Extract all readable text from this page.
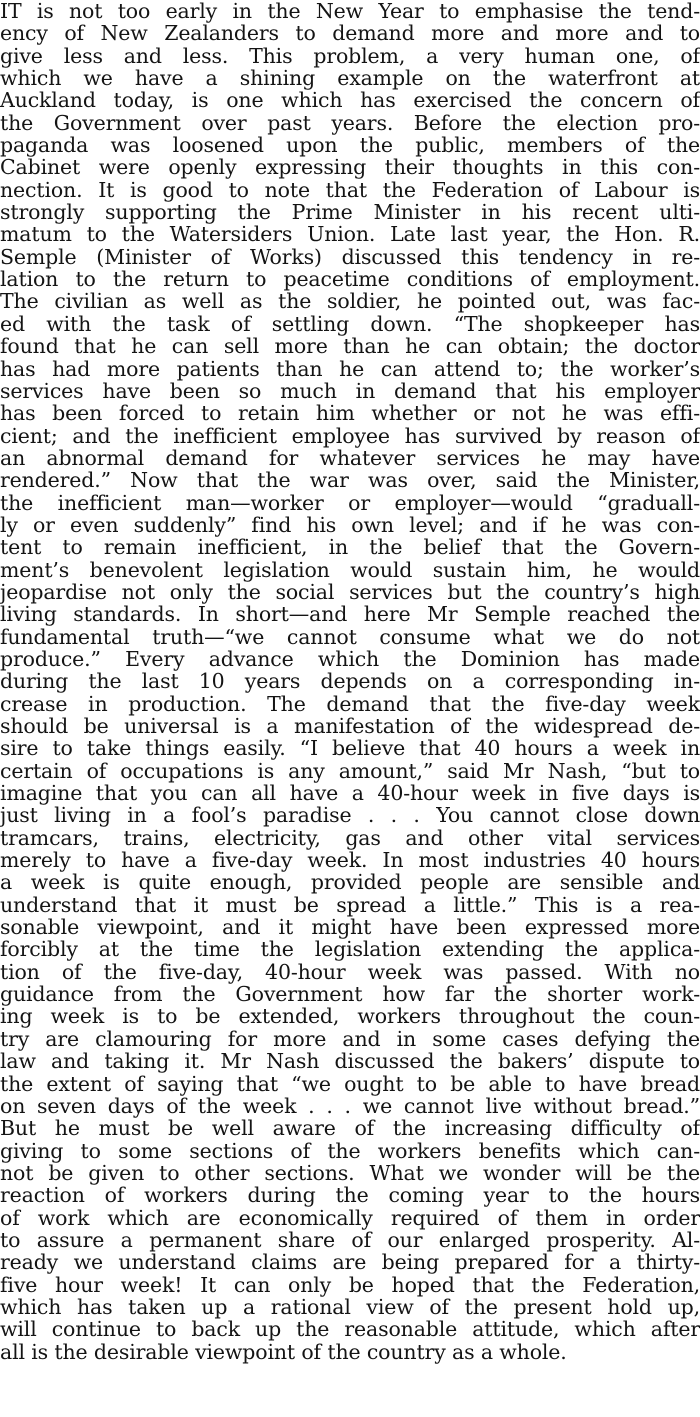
IT is not too early in the New Year to emphasise the tend-
ency of New Zealanders to demand more and more and to
give less and less. This problem, a very human one, of
which we have a shining example on the waterfront at
Auckland today, is one which has exercised the concern of
the Government over past years. Before the election pro-
paganda was loosened upon the public, members of the
Cabinet were openly expressing their thoughts in this con-
nection. It is good to note that the Federation of Labour is
strongly supporting the Prime Minister in his recent ulti-
matum to the Watersiders Union. Late last year, the Hon. R.
Semple (Minister of Works) discussed this tendency in re-
lation to the return to peacetime conditions of employment.
The civilian as well as the soldier, he pointed out, was fac-
ed with the task of settling down. “The shopkeeper has
found that he can sell more than he can obtain; the doctor
has had more patients than he can attend to; the worker’s
services have been so much in demand that his employer
has been forced to retain him whether or not he was effi-
cient; and the inefficient employee has survived by reason of
an abnormal demand for whatever services he may have
rendered.” Now that the war was over, said the Minister,
the inefficient man—worker or employer—would “graduall-
ly or even suddenly” find his own level; and if he was con-
tent to remain inefficient, in the belief that the Govern-
ment’s benevolent legislation would sustain him, he would
jeopardise not only the social services but the country’s high
living standards. In short—and here Mr Semple reached the
fundamental truth—“we cannot consume what we do not
produce.” Every advance which the Dominion has made
during the last 10 years depends on a corresponding in-
crease in production. The demand that the five-day week
should be universal is a manifestation of the widespread de-
sire to take things easily. “I believe that 40 hours a week in
certain of occupations is any amount,” said Mr Nash, “but to
imagine that you can all have a 40-hour week in five days is
just living in a fool’s paradise . . . You cannot close down
tramcars, trains, electricity, gas and other vital services
merely to have a five-day week. In most industries 40 hours
a week is quite enough, provided people are sensible and
understand that it must be spread a little.” This is a rea-
sonable viewpoint, and it might have been expressed more
forcibly at the time the legislation extending the applica-
tion of the five-day, 40-hour week was passed. With no
guidance from the Government how far the shorter work-
ing week is to be extended, workers throughout the coun-
try are clamouring for more and in some cases defying the
law and taking it. Mr Nash discussed the bakers’ dispute to
the extent of saying that “we ought to be able to have bread
on seven days of the week . . . we cannot live without bread.”
But he must be well aware of the increasing difficulty of
giving to some sections of the workers benefits which can-
not be given to other sections. What we wonder will be the
reaction of workers during the coming year to the hours
of work which are economically required of them in order
to assure a permanent share of our enlarged prosperity. Al-
ready we understand claims are being prepared for a thirty-
five hour week! It can only be hoped that the Federation,
which has taken up a rational view of the present hold up,
will continue to back up the reasonable attitude, which after
all is the desirable viewpoint of the country as a whole.
